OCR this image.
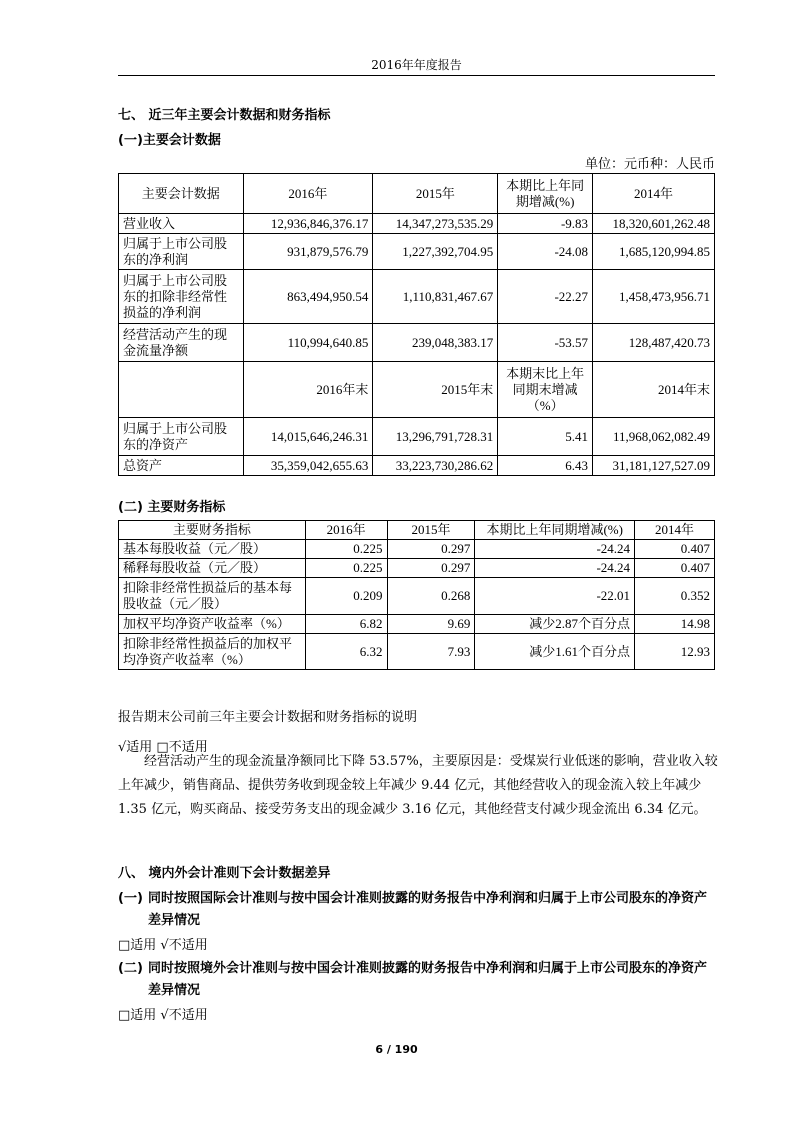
2016年年度报告
七、 近三年主要会计数据和财务指标
(一)主要会计数据
单位：元币种：人民币
主要会计数据	2016年	2015年	本期比上年同期增减(%)	2014年
营业收入	12,936,846,376.17	14,347,273,535.29	-9.83	18,320,601,262.48
归属于上市公司股东的净利润	931,879,576.79	1,227,392,704.95	-24.08	1,685,120,994.85
归属于上市公司股东的扣除非经常性损益的净利润	863,494,950.54	1,110,831,467.67	-22.27	1,458,473,956.71
经营活动产生的现金流量净额	110,994,640.85	239,048,383.17	-53.57	128,487,420.73
	2016年末	2015年末	本期末比上年同期末增减（%）	2014年末
归属于上市公司股东的净资产	14,015,646,246.31	13,296,791,728.31	5.41	11,968,062,082.49
总资产	35,359,042,655.63	33,223,730,286.62	6.43	31,181,127,527.09
(二) 主要财务指标
主要财务指标	2016年	2015年	本期比上年同期增减(%)	2014年
基本每股收益（元／股）	0.225	0.297	-24.24	0.407
稀释每股收益（元／股）	0.225	0.297	-24.24	0.407
扣除非经常性损益后的基本每股收益（元／股）	0.209	0.268	-22.01	0.352
加权平均净资产收益率（%）	6.82	9.69	减少2.87个百分点	14.98
扣除非经常性损益后的加权平均净资产收益率（%）	6.32	7.93	减少1.61个百分点	12.93
报告期末公司前三年主要会计数据和财务指标的说明
√适用 □不适用
经营活动产生的现金流量净额同比下降 53.57%，主要原因是：受煤炭行业低迷的影响，营业收入较上年减少，销售商品、提供劳务收到现金较上年减少 9.44 亿元，其他经营收入的现金流入较上年减少 1.35 亿元，购买商品、接受劳务支出的现金减少 3.16 亿元，其他经营支付减少现金流出 6.34 亿元。
八、 境内外会计准则下会计数据差异
(一) 同时按照国际会计准则与按中国会计准则披露的财务报告中净利润和归属于上市公司股东的净资产差异情况
□适用 √不适用
(二) 同时按照境外会计准则与按中国会计准则披露的财务报告中净利润和归属于上市公司股东的净资产差异情况
□适用 √不适用
6 / 190
